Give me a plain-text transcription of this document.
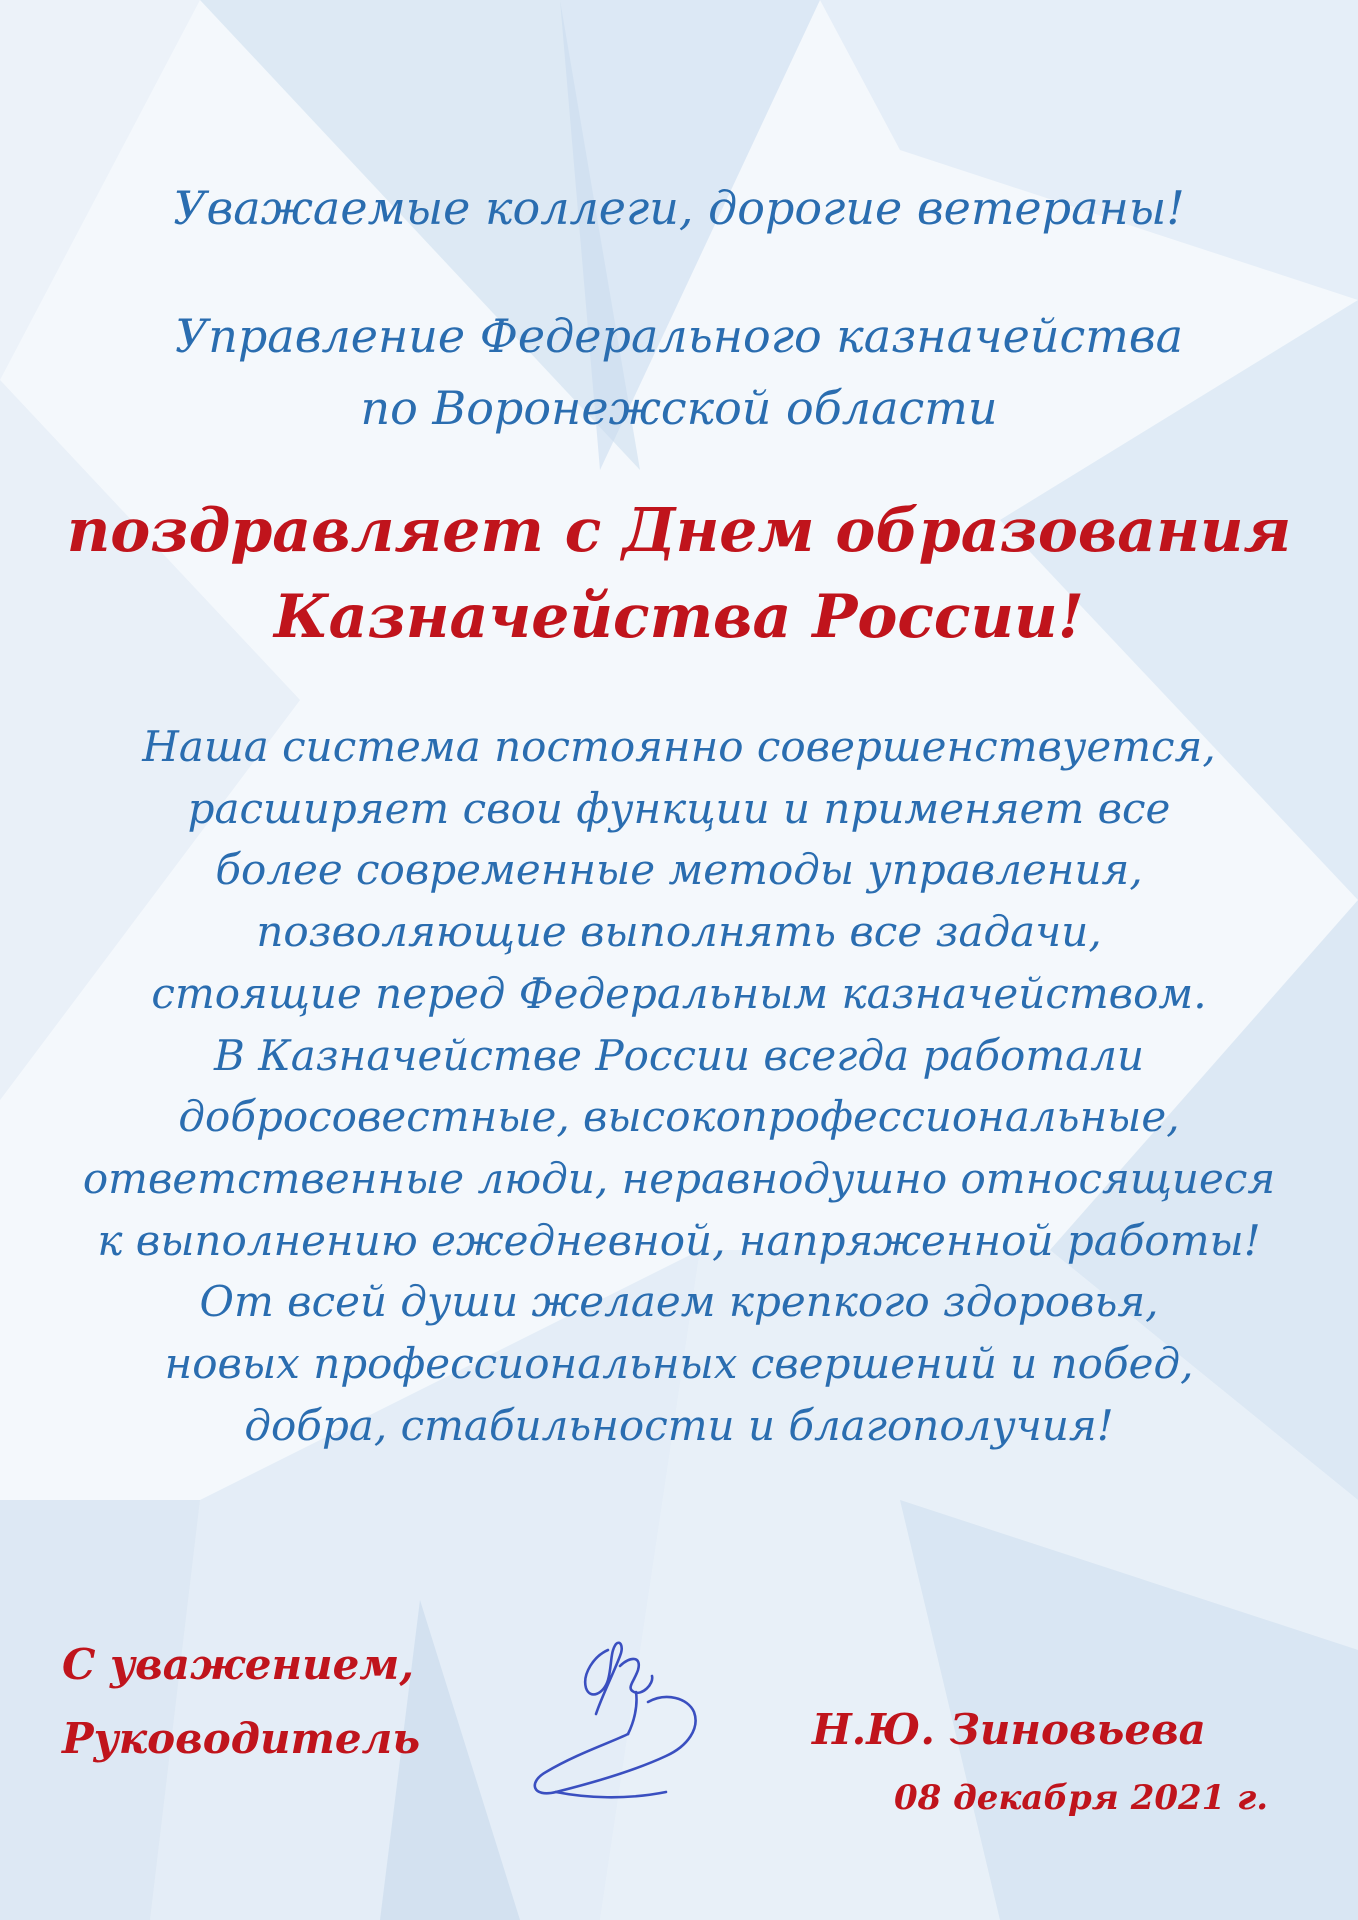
Уважаемые коллеги, дорогие ветераны!
Управление Федерального казначейства
по Воронежской области
поздравляет с Днем образования
Казначейства России!
Наша система постоянно совершенствуется,
расширяет свои функции и применяет все
более современные методы управления,
позволяющие выполнять все задачи,
стоящие перед Федеральным казначейством.
В Казначействе России всегда работали
добросовестные, высокопрофессиональные,
ответственные люди, неравнодушно относящиеся
к выполнению ежедневной, напряженной работы!
От всей души желаем крепкого здоровья,
новых профессиональных свершений и побед,
добра, стабильности и благополучия!
С уважением,
Руководитель	Н.Ю. Зиновьева
08 декабря 2021 г.
